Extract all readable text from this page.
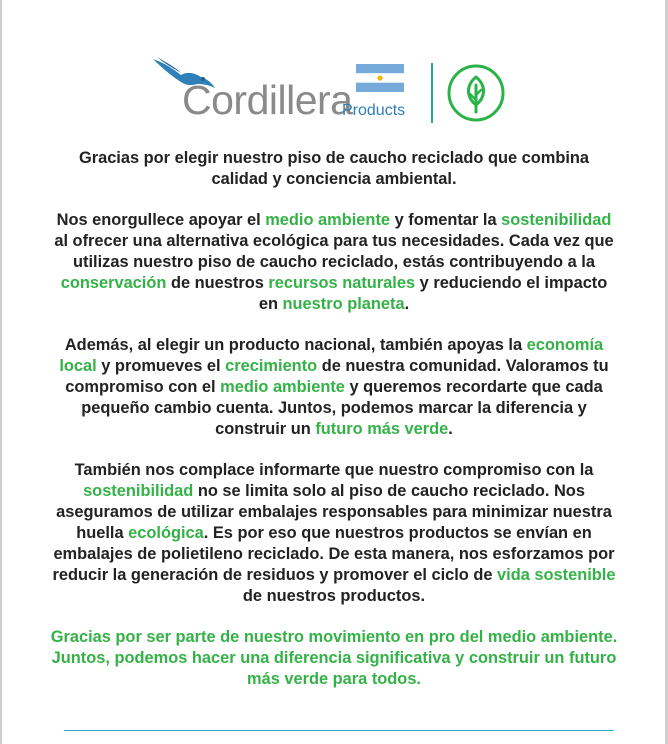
Cordillera
Products

Gracias por elegir nuestro piso de caucho reciclado que combina calidad y conciencia ambiental.

Nos enorgullece apoyar el medio ambiente y fomentar la sostenibilidad al ofrecer una alternativa ecológica para tus necesidades. Cada vez que utilizas nuestro piso de caucho reciclado, estás contribuyendo a la conservación de nuestros recursos naturales y reduciendo el impacto en nuestro planeta.

Además, al elegir un producto nacional, también apoyas la economía local y promueves el crecimiento de nuestra comunidad. Valoramos tu compromiso con el medio ambiente y queremos recordarte que cada pequeño cambio cuenta. Juntos, podemos marcar la diferencia y construir un futuro más verde.

También nos complace informarte que nuestro compromiso con la sostenibilidad no se limita solo al piso de caucho reciclado. Nos aseguramos de utilizar embalajes responsables para minimizar nuestra huella ecológica. Es por eso que nuestros productos se envían en embalajes de polietileno reciclado. De esta manera, nos esforzamos por reducir la generación de residuos y promover el ciclo de vida sostenible de nuestros productos.

Gracias por ser parte de nuestro movimiento en pro del medio ambiente. Juntos, podemos hacer una diferencia significativa y construir un futuro más verde para todos.
